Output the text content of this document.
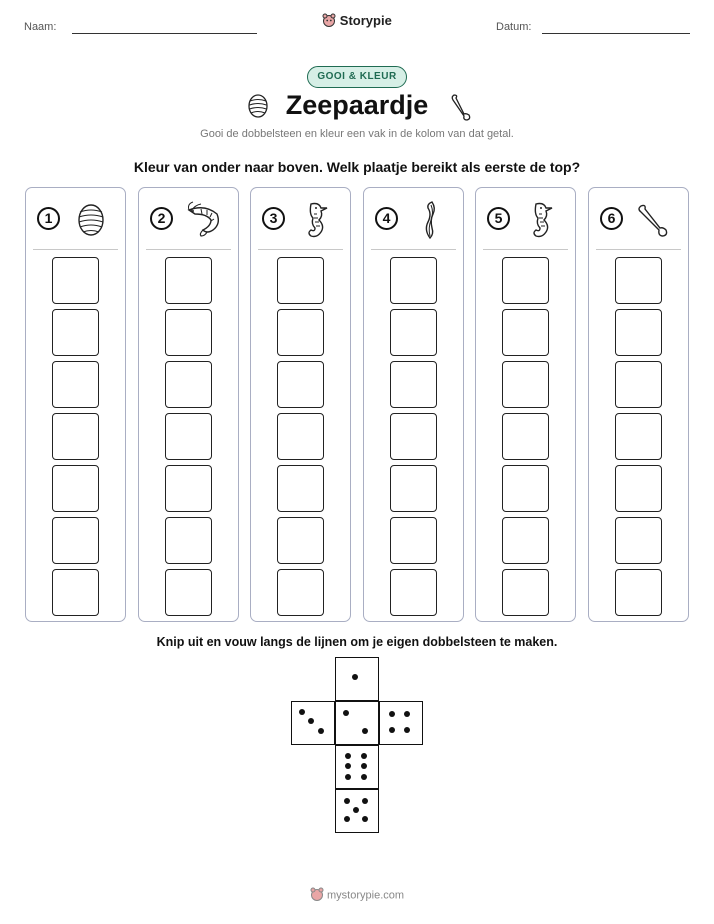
Naam:	Storypie	Datum:
GOOI & KLEUR
Zeepaardje
Gooi de dobbelsteen en kleur een vak in de kolom van dat getal.
Kleur van onder naar boven. Welk plaatje bereikt als eerste de top?
1	2	3	4	5	6
Knip uit en vouw langs de lijnen om je eigen dobbelsteen te maken.
mystorypie.com
